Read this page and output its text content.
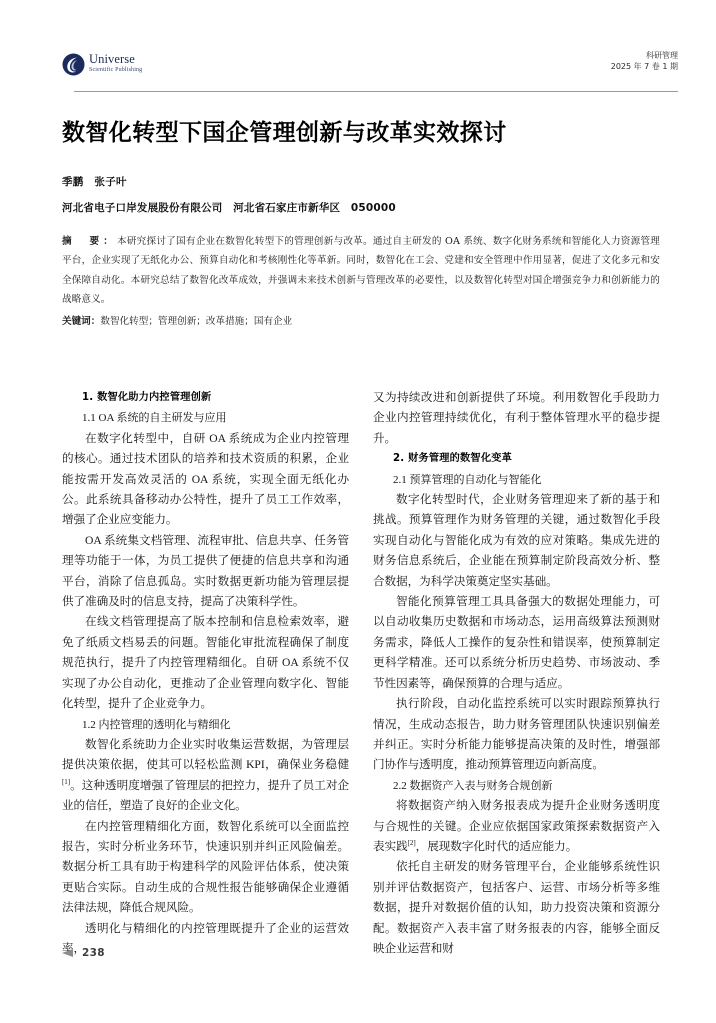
Universe
Scientific Publishing
科研管理
2025 年 7 卷 1 期
数智化转型下国企管理创新与改革实效探讨
季鹏　张子叶
河北省电子口岸发展股份有限公司　河北省石家庄市新华区　050000
摘　要：本研究探讨了国有企业在数智化转型下的管理创新与改革。通过自主研发的 OA 系统、数字化财务系统和智能化人力资源管理平台，企业实现了无纸化办公、预算自动化和考核刚性化等革新。同时，数智化在工会、党建和安全管理中作用显著，促进了文化多元和安全保障自动化。本研究总结了数智化改革成效，并强调未来技术创新与管理改革的必要性，以及数智化转型对国企增强竞争力和创新能力的战略意义。
关键词：数智化转型；管理创新；改革措施；国有企业
1. 数智化助力内控管理创新
1.1 OA 系统的自主研发与应用

在数字化转型中，自研 OA 系统成为企业内控管理的核心。通过技术团队的培养和技术资质的积累，企业能按需开发高效灵活的 OA 系统，实现全面无纸化办公。此系统具备移动办公特性，提升了员工工作效率，增强了企业应变能力。

OA 系统集文档管理、流程审批、信息共享、任务管理等功能于一体，为员工提供了便捷的信息共享和沟通平台，消除了信息孤岛。实时数据更新功能为管理层提供了准确及时的信息支持，提高了决策科学性。

在线文档管理提高了版本控制和信息检索效率，避免了纸质文档易丢的问题。智能化审批流程确保了制度规范执行，提升了内控管理精细化。自研 OA 系统不仅实现了办公自动化，更推动了企业管理向数字化、智能化转型，提升了企业竞争力。

1.2 内控管理的透明化与精细化

数智化系统助力企业实时收集运营数据，为管理层提供决策依据，使其可以轻松监测 KPI，确保业务稳健[1]。这种透明度增强了管理层的把控力，提升了员工对企业的信任，塑造了良好的企业文化。

在内控管理精细化方面，数智化系统可以全面监控报告，实时分析业务环节，快速识别并纠正风险偏差。数据分析工具有助于构建科学的风险评估体系，使决策更贴合实际。自动生成的合规性报告能够确保企业遵循法律法规，降低合规风险。

透明化与精细化的内控管理既提升了企业的运营效率，

又为持续改进和创新提供了环境。利用数智化手段助力企业内控管理持续优化，有利于整体管理水平的稳步提升。

2. 财务管理的数智化变革
2.1 预算管理的自动化与智能化

数字化转型时代，企业财务管理迎来了新的基于和挑战。预算管理作为财务管理的关键，通过数智化手段实现自动化与智能化成为有效的应对策略。集成先进的财务信息系统后，企业能在预算制定阶段高效分析、整合数据，为科学决策奠定坚实基础。

智能化预算管理工具具备强大的数据处理能力，可以自动收集历史数据和市场动态，运用高级算法预测财务需求，降低人工操作的复杂性和错误率，使预算制定更科学精准。还可以系统分析历史趋势、市场波动、季节性因素等，确保预算的合理与适应。

执行阶段，自动化监控系统可以实时跟踪预算执行情况，生成动态报告，助力财务管理团队快速识别偏差并纠正。实时分析能力能够提高决策的及时性，增强部门协作与透明度，推动预算管理迈向新高度。

2.2 数据资产入表与财务合规创新

将数据资产纳入财务报表成为提升企业财务透明度与合规性的关键。企业应依据国家政策探索数据资产入表实践[2]，展现数字化时代的适应能力。

依托自主研发的财务管理平台，企业能够系统性识别并评估数据资产，包括客户、运营、市场分析等多维数据，提升对数据价值的认知，助力投资决策和资源分配。数据资产入表丰富了财务报表的内容，能够全面反映企业运营和财

238
